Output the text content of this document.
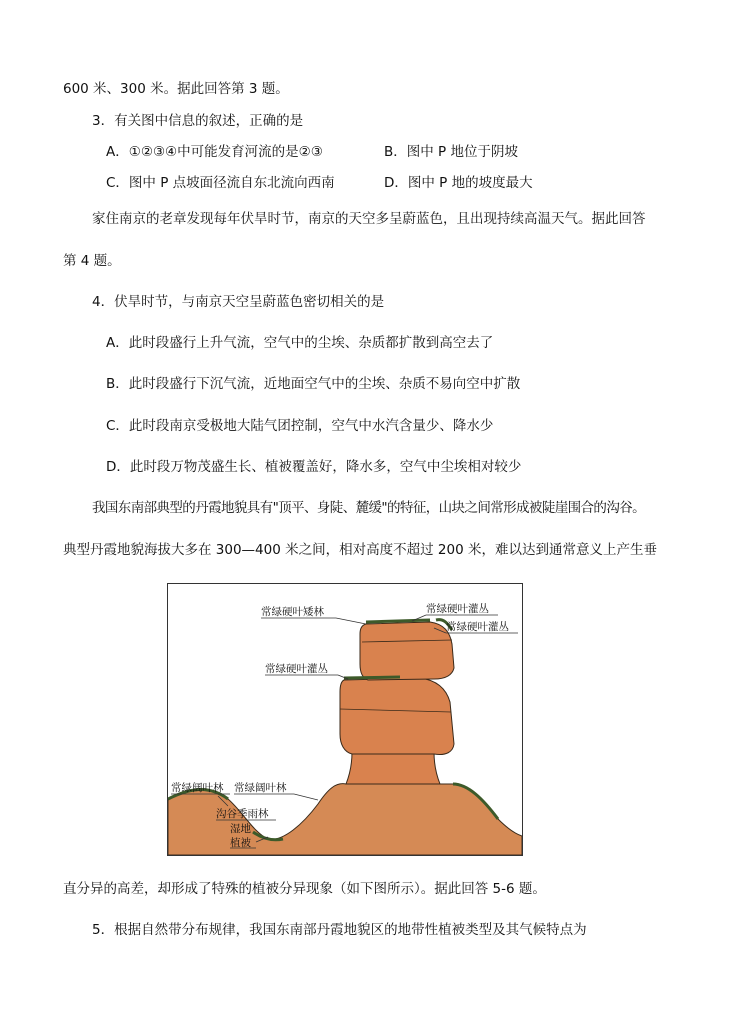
600 米、300 米。据此回答第 3 题。
3．有关图中信息的叙述，正确的是
A．①②③④中可能发育河流的是②③	B．图中 P 地位于阴坡
C．图中 P 点坡面径流自东北流向西南	D．图中 P 地的坡度最大
家住南京的老章发现每年伏旱时节，南京的天空多呈蔚蓝色，且出现持续高温天气。据此回答
第 4 题。
4．伏旱时节，与南京天空呈蔚蓝色密切相关的是
A．此时段盛行上升气流，空气中的尘埃、杂质都扩散到高空去了
B．此时段盛行下沉气流，近地面空气中的尘埃、杂质不易向空中扩散
C．此时段南京受极地大陆气团控制，空气中水汽含量少、降水少
D．此时段万物茂盛生长、植被覆盖好，降水多，空气中尘埃相对较少
我国东南部典型的丹霞地貌具有"顶平、身陡、麓缓"的特征，山块之间常形成被陡崖围合的沟谷。
典型丹霞地貌海拔大多在 300—400 米之间，相对高度不超过 200 米，难以达到通常意义上产生垂
常绿硬叶矮林	常绿硬叶灌丛
常绿硬叶灌丛
常绿硬叶灌丛
常绿阔叶林 常绿阔叶林
沟谷季雨林
湿地
植被
直分异的高差，却形成了特殊的植被分异现象（如下图所示）。据此回答 5-6 题。
5．根据自然带分布规律，我国东南部丹霞地貌区的地带性植被类型及其气候特点为
